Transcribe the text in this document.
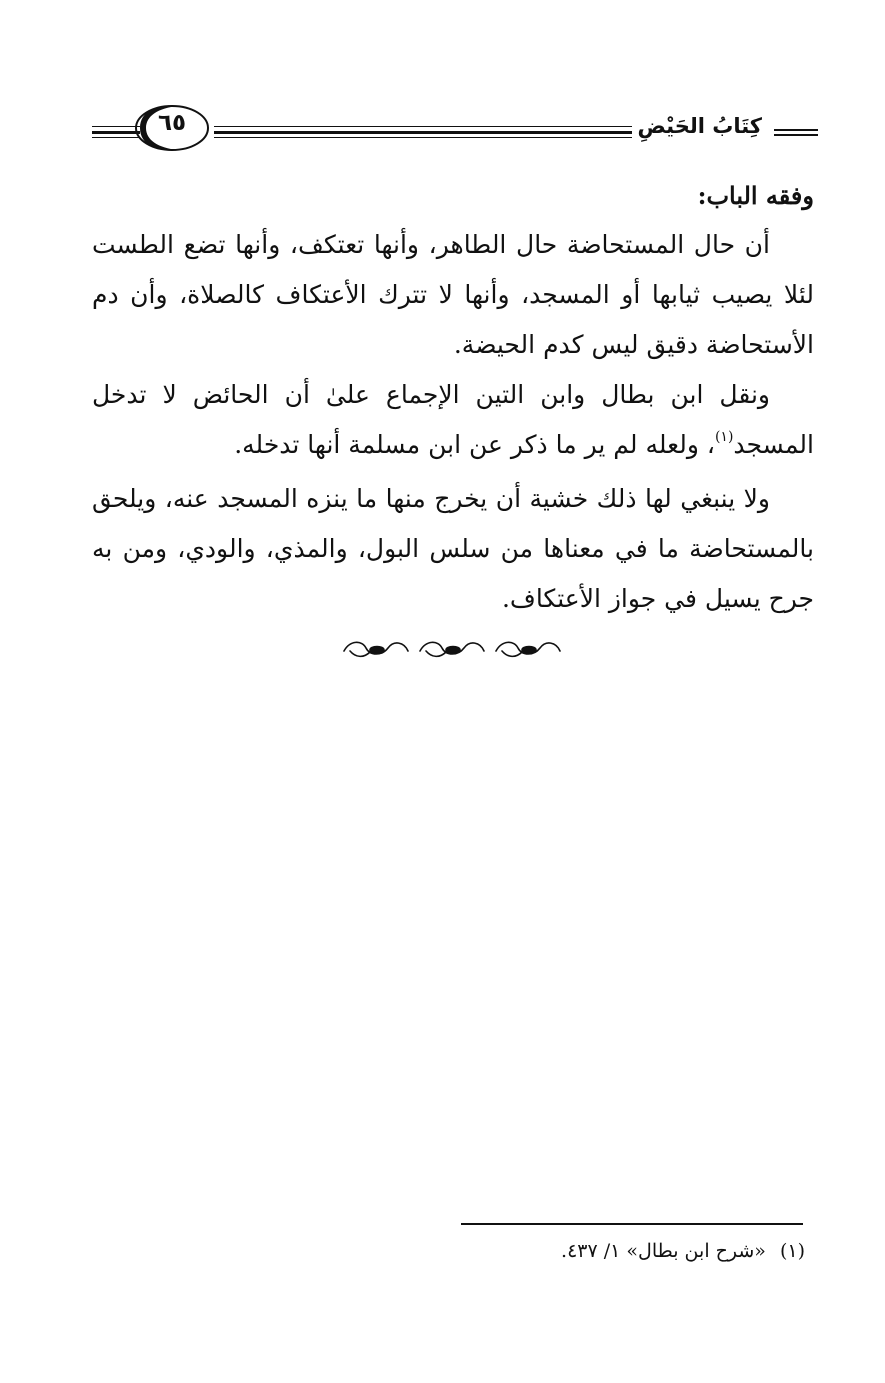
كِتَابُ الحَيْضِ
٦٥

وفقه الباب:

أن حال المستحاضة حال الطاهر، وأنها تعتكف، وأنها تضع الطست لئلا يصيب ثيابها أو المسجد، وأنها لا تترك الأعتكاف كالصلاة، وأن دم الأستحاضة دقيق ليس كدم الحيضة.

ونقل ابن بطال وابن التين الإجماع علىٰ أن الحائض لا تدخل المسجد$^{(١)}$، ولعله لم ير ما ذكر عن ابن مسلمة أنها تدخله.

ولا ينبغي لها ذلك خشية أن يخرج منها ما ينزه المسجد عنه، ويلحق بالمستحاضة ما في معناها من سلس البول، والمذي، والودي، ومن به جرح يسيل في جواز الأعتكاف.

(١)«شرح ابن بطال» ١/ ٤٣٧.
